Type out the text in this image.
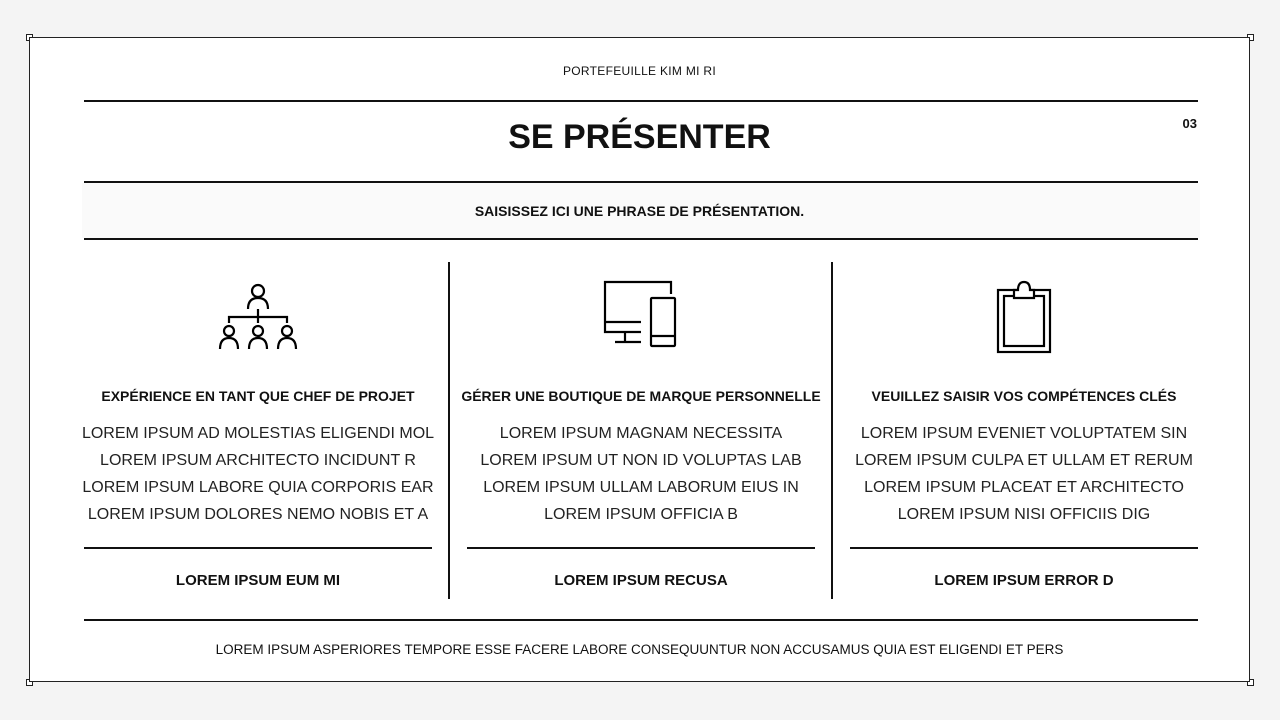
PORTEFEUILLE KIM MI RI
SE PRÉSENTER	03
SAISISSEZ ICI UNE PHRASE DE PRÉSENTATION.
EXPÉRIENCE EN TANT QUE CHEF DE PROJET
LOREM IPSUM AD MOLESTIAS ELIGENDI MOL
LOREM IPSUM ARCHITECTO INCIDUNT R
LOREM IPSUM LABORE QUIA CORPORIS EAR
LOREM IPSUM DOLORES NEMO NOBIS ET A
LOREM IPSUM EUM MI
GÉRER UNE BOUTIQUE DE MARQUE PERSONNELLE
LOREM IPSUM MAGNAM NECESSITA
LOREM IPSUM UT NON ID VOLUPTAS LAB
LOREM IPSUM ULLAM LABORUM EIUS IN
LOREM IPSUM OFFICIA B
LOREM IPSUM RECUSA
VEUILLEZ SAISIR VOS COMPÉTENCES CLÉS
LOREM IPSUM EVENIET VOLUPTATEM SIN
LOREM IPSUM CULPA ET ULLAM ET RERUM
LOREM IPSUM PLACEAT ET ARCHITECTO
LOREM IPSUM NISI OFFICIIS DIG
LOREM IPSUM ERROR D
LOREM IPSUM ASPERIORES TEMPORE ESSE FACERE LABORE CONSEQUUNTUR NON ACCUSAMUS QUIA EST ELIGENDI ET PERS
